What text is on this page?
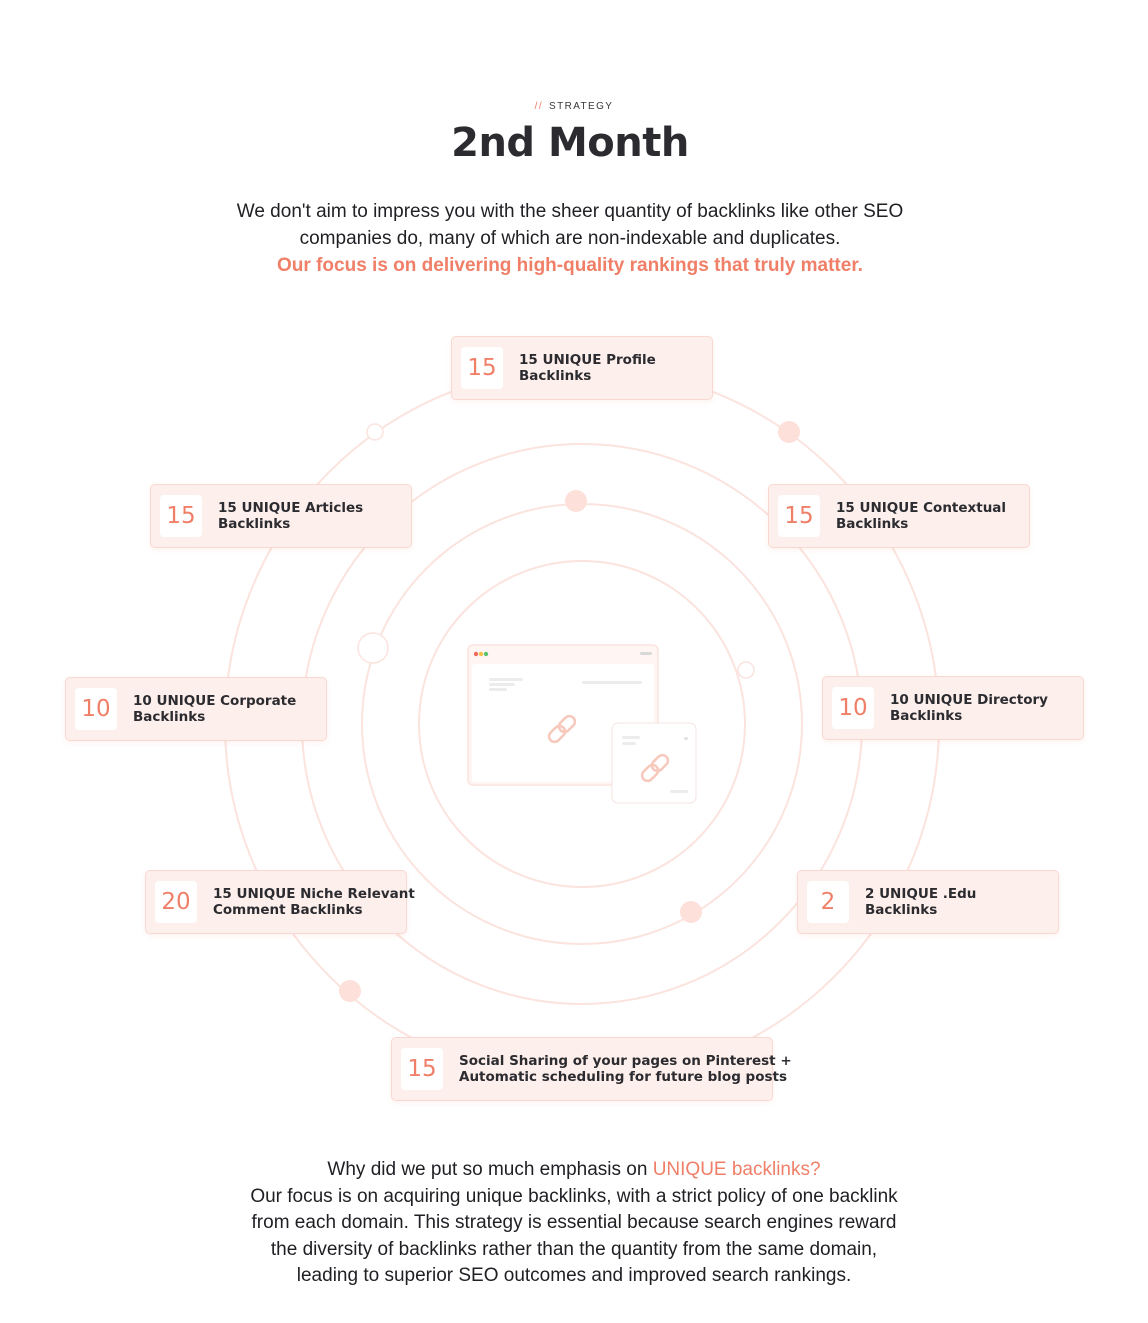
// STRATEGY
2nd Month
We don't aim to impress you with the sheer quantity of backlinks like other SEO
companies do, many of which are non-indexable and duplicates.
Our focus is on delivering high-quality rankings that truly matter.
15	15 UNIQUE Profile
Backlinks
15	15 UNIQUE Articles
Backlinks	15	15 UNIQUE Contextual
Backlinks
10	10 UNIQUE Corporate
Backlinks	10	10 UNIQUE Directory
Backlinks
20	15 UNIQUE Niche Relevant
Comment Backlinks	2	2 UNIQUE .Edu
Backlinks
15	Social Sharing of your pages on Pinterest +
Automatic scheduling for future blog posts
Why did we put so much emphasis on UNIQUE backlinks?
Our focus is on acquiring unique backlinks, with a strict policy of one backlink
from each domain. This strategy is essential because search engines reward
the diversity of backlinks rather than the quantity from the same domain,
leading to superior SEO outcomes and improved search rankings.
